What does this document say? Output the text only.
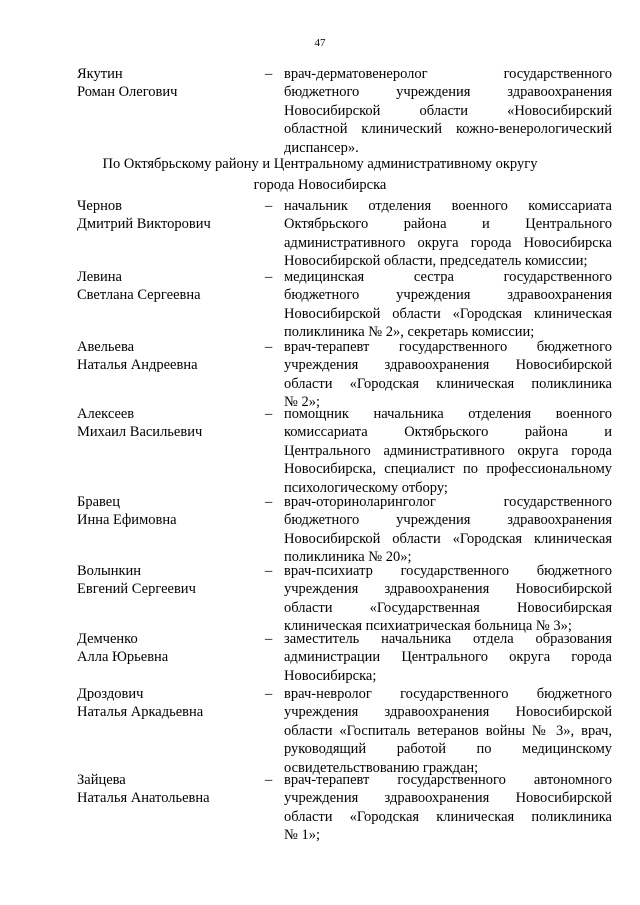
47
По Октябрьскому району и Центральному административному округу
города Новосибирска
Якутин
Роман Олегович
– врач-дерматовенеролог государственного
бюджетного учреждения здравоохранения
Новосибирской области «Новосибирский
областной клинический кожно-венерологический
диспансер».
Чернов
Дмитрий Викторович
– начальник отделения военного комиссариата
Октябрьского района и Центрального
административного округа города Новосибирска
Новосибирской области, председатель комиссии;
Левина
Светлана Сергеевна
– медицинская сестра государственного
бюджетного учреждения здравоохранения
Новосибирской области «Городская клиническая
поликлиника № 2», секретарь комиссии;
Авельева
Наталья Андреевна
– врач-терапевт государственного бюджетного
учреждения здравоохранения Новосибирской
области «Городская клиническая поликлиника
№ 2»;
Алексеев
Михаил Васильевич
– помощник начальника отделения военного
комиссариата Октябрьского района и
Центрального административного округа города
Новосибирска, специалист по профессиональному
психологическому отбору;
Бравец
Инна Ефимовна
– врач-оториноларинголог государственного
бюджетного учреждения здравоохранения
Новосибирской области «Городская клиническая
поликлиника № 20»;
Волынкин
Евгений Сергеевич
– врач-психиатр государственного бюджетного
учреждения здравоохранения Новосибирской
области «Государственная Новосибирская
клиническая психиатрическая больница № 3»;
Демченко
Алла Юрьевна
– заместитель начальника отдела образования
администрации Центрального округа города
Новосибирска;
Дроздович
Наталья Аркадьевна
– врач-невролог государственного бюджетного
учреждения здравоохранения Новосибирской
области «Госпиталь ветеранов войны № 3», врач,
руководящий работой по медицинскому
освидетельствованию граждан;
Зайцева
Наталья Анатольевна
– врач-терапевт государственного автономного
учреждения здравоохранения Новосибирской
области «Городская клиническая поликлиника
№ 1»;
